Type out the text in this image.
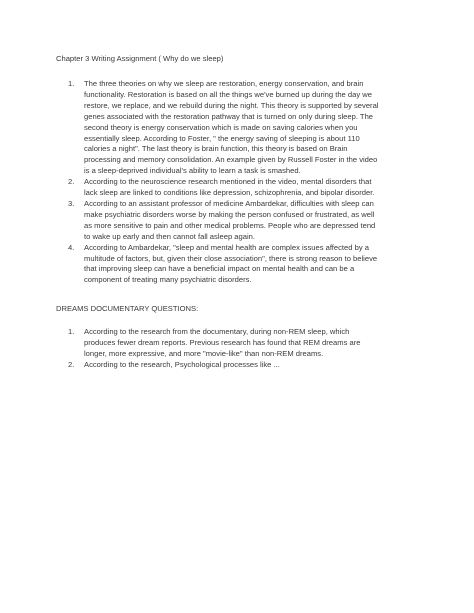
Chapter 3 Writing Assignment ( Why do we sleep)
1. The three theories on why we sleep are restoration, energy conservation, and brain
functionality. Restoration is based on all the things we've burned up during the day we
restore, we replace, and we rebuild during the night. This theory is supported by several
genes associated with the restoration pathway that is turned on only during sleep. The
second theory is energy conservation which is made on saving calories when you
essentially sleep. According to Foster, " the energy saving of sleeping is about 110
calories a night". The last theory is brain function, this theory is based on Brain
processing and memory consolidation. An example given by Russell Foster in the video
is a sleep-deprived individual's ability to learn a task is smashed.
2. According to the neuroscience research mentioned in the video, mental disorders that
lack sleep are linked to conditions like depression, schizophrenia, and bipolar disorder.
3. According to an assistant professor of medicine Ambardekar, difficulties with sleep can
make psychiatric disorders worse by making the person confused or frustrated, as well
as more sensitive to pain and other medical problems. People who are depressed tend
to wake up early and then cannot fall asleep again.
4. According to Ambardekar, "sleep and mental health are complex issues affected by a
multitude of factors, but, given their close association", there is strong reason to believe
that improving sleep can have a beneficial impact on mental health and can be a
component of treating many psychiatric disorders.
DREAMS DOCUMENTARY QUESTIONS:
1. According to the research from the documentary, during non-REM sleep, which
produces fewer dream reports. Previous research has found that REM dreams are
longer, more expressive, and more "movie-like" than non-REM dreams.
2. According to the research, Psychological processes like ...
